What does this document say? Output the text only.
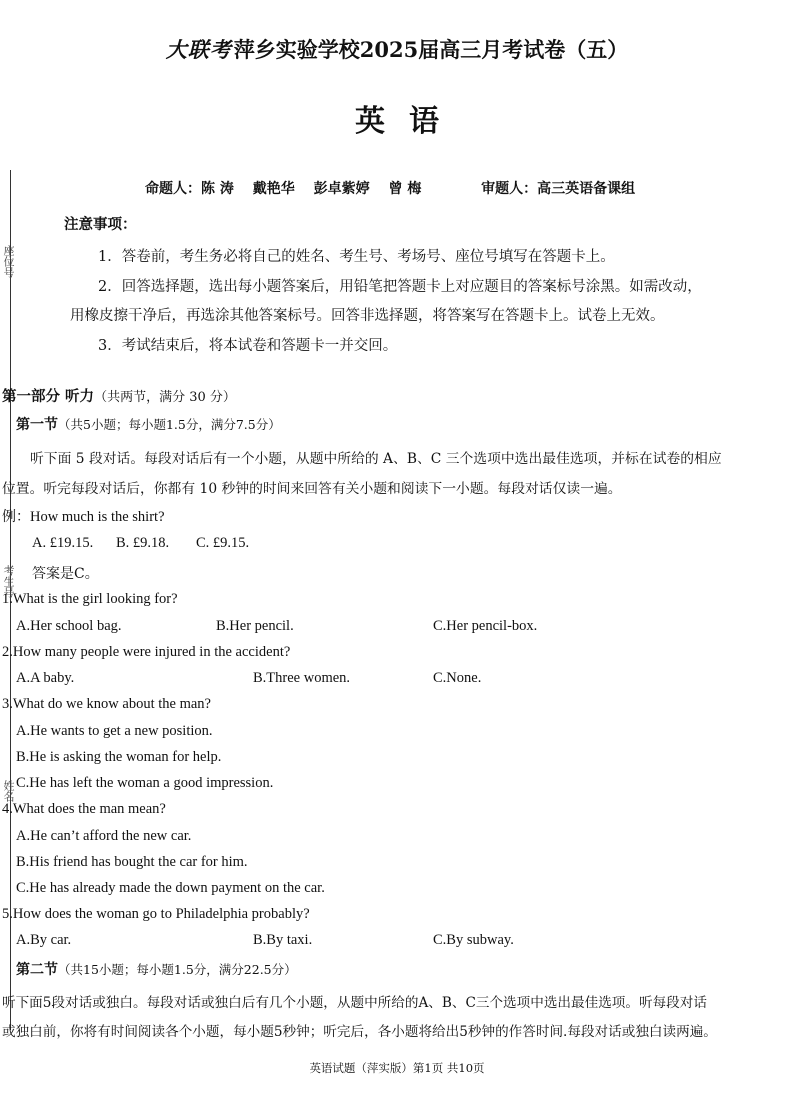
座位号
考生号
姓名
大联考萍乡实验学校2025届高三月考试卷（五）
英语
命题人：陈 涛 戴艳华 彭卓紫婷 曾 梅	审题人：高三英语备课组
注意事项：
1．答卷前，考生务必将自己的姓名、考生号、考场号、座位号填写在答题卡上。
2．回答选择题，选出每小题答案后，用铅笔把答题卡上对应题目的答案标号涂黑。如需改动，
用橡皮擦干净后，再选涂其他答案标号。回答非选择题，将答案写在答题卡上。试卷上无效。
3．考试结束后，将本试卷和答题卡一并交回。
第一部分 听力（共两节，满分 30 分）
第一节（共5小题；每小题1.5分，满分7.5分）
听下面 5 段对话。每段对话后有一个小题，从题中所给的 A、B、C 三个选项中选出最佳选项，并标在试卷的相应
位置。听完每段对话后，你都有 10 秒钟的时间来回答有关小题和阅读下一小题。每段对话仅读一遍。
例：How much is the shirt?
A. £19.15. B. £9.18. C. £9.15.
答案是C。
1.What is the girl looking for?
A.Her school bag.	B.Her pencil.	C.Her pencil-box.
2.How many people were injured in the accident?
A.A baby.	B.Three women.	C.None.
3.What do we know about the man?
A.He wants to get a new position.
B.He is asking the woman for help.
C.He has left the woman a good impression.
4.What does the man mean?
A.He can’t afford the new car.
B.His friend has bought the car for him.
C.He has already made the down payment on the car.
5.How does the woman go to Philadelphia probably?
A.By car.	B.By taxi.	C.By subway.
第二节（共15小题；每小题1.5分，满分22.5分）
听下面5段对话或独白。每段对话或独白后有几个小题，从题中所给的A、B、C三个选项中选出最佳选项。听每段对话
或独白前，你将有时间阅读各个小题，每小题5秒钟；听完后，各小题将给出5秒钟的作答时间.每段对话或独白读两遍。
英语试题（萍实版）第1页 共10页
